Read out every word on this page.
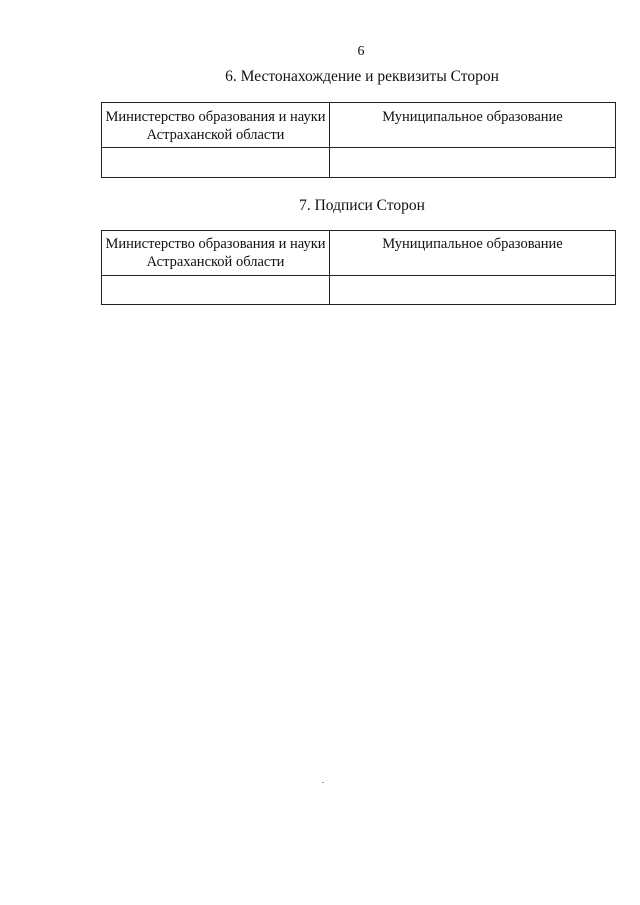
6
6. Местонахождение и реквизиты Сторон
Министерство образования и науки Астраханской области	Муниципальное образование

7. Подписи Сторон
Министерство образования и науки Астраханской области	Муниципальное образование
